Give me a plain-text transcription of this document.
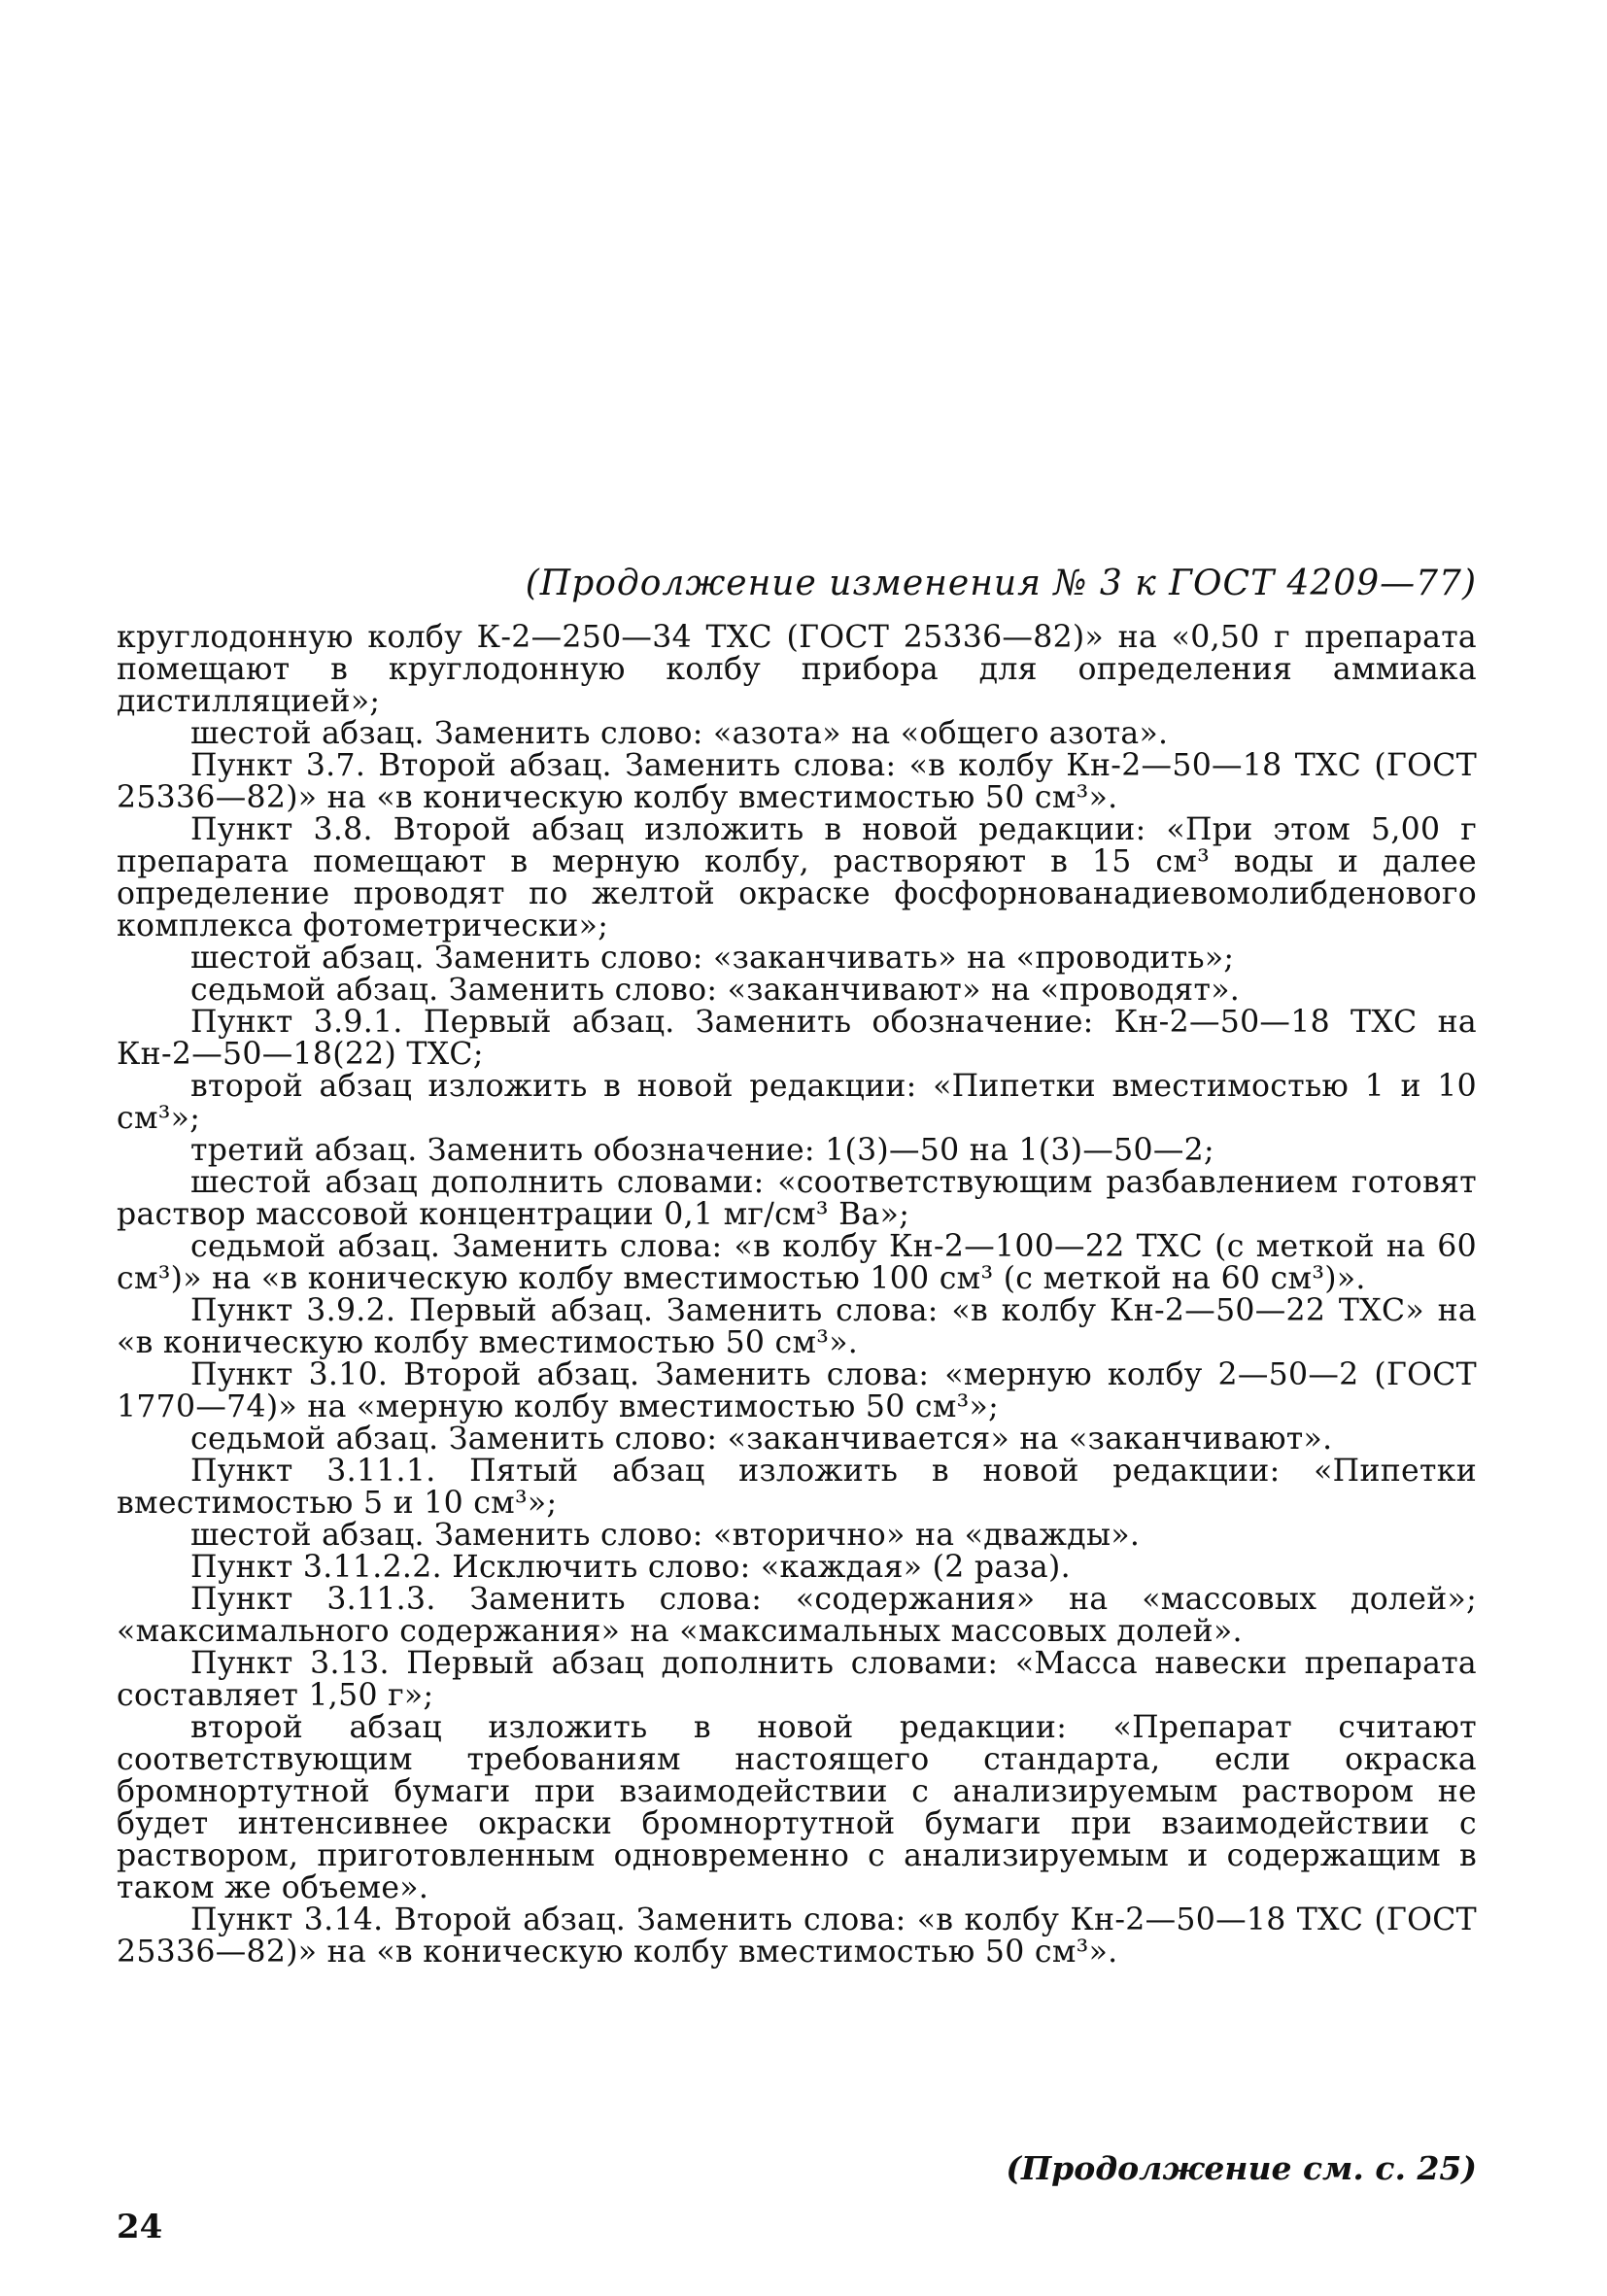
(Продолжение изменения № 3 к ГОСТ 4209—77)

круглодонную колбу К-2—250—34 ТХС (ГОСТ 25336—82)» на «0,50 г препарата помещают в круглодонную колбу прибора для определения аммиака дистилляцией»;

шестой абзац. Заменить слово: «азота» на «общего азота».

Пункт 3.7. Второй абзац. Заменить слова: «в колбу Кн-2—50—18 ТХС (ГОСТ 25336—82)» на «в коническую колбу вместимостью 50 см³».

Пункт 3.8. Второй абзац изложить в новой редакции: «При этом 5,00 г препарата помещают в мерную колбу, растворяют в 15 см³ воды и далее определение проводят по желтой окраске фосфорнованадиевомолибденового комплекса фотометрически»;

шестой абзац. Заменить слово: «заканчивать» на «проводить»;

седьмой абзац. Заменить слово: «заканчивают» на «проводят».

Пункт 3.9.1. Первый абзац. Заменить обозначение: Кн-2—50—18 ТХС на Кн-2—50—18(22) ТХС;

второй абзац изложить в новой редакции: «Пипетки вместимостью 1 и 10 см³»;

третий абзац. Заменить обозначение: 1(3)—50 на 1(3)—50—2;

шестой абзац дополнить словами: «соответствующим разбавлением готовят раствор массовой концентрации 0,1 мг/см³ Ва»;

седьмой абзац. Заменить слова: «в колбу Кн-2—100—22 ТХС (с меткой на 60 см³)» на «в коническую колбу вместимостью 100 см³ (с меткой на 60 см³)».

Пункт 3.9.2. Первый абзац. Заменить слова: «в колбу Кн-2—50—22 ТХС» на «в коническую колбу вместимостью 50 см³».

Пункт 3.10. Второй абзац. Заменить слова: «мерную колбу 2—50—2 (ГОСТ 1770—74)» на «мерную колбу вместимостью 50 см³»;

седьмой абзац. Заменить слово: «заканчивается» на «заканчивают».

Пункт 3.11.1. Пятый абзац изложить в новой редакции: «Пипетки вместимостью 5 и 10 см³»;

шестой абзац. Заменить слово: «вторично» на «дважды».

Пункт 3.11.2.2. Исключить слово: «каждая» (2 раза).

Пункт 3.11.3. Заменить слова: «содержания» на «массовых долей»; «максимального содержания» на «максимальных массовых долей».

Пункт 3.13. Первый абзац дополнить словами: «Масса навески препарата составляет 1,50 г»;

второй абзац изложить в новой редакции: «Препарат считают соответствующим требованиям настоящего стандарта, если окраска бромнортутной бумаги при взаимодействии с анализируемым раствором не будет интенсивнее окраски бромнортутной бумаги при взаимодействии с раствором, приготовленным одновременно с анализируемым и содержащим в таком же объеме».

Пункт 3.14. Второй абзац. Заменить слова: «в колбу Кн-2—50—18 ТХС (ГОСТ 25336—82)» на «в коническую колбу вместимостью 50 см³».

(Продолжение см. с. 25)
24
